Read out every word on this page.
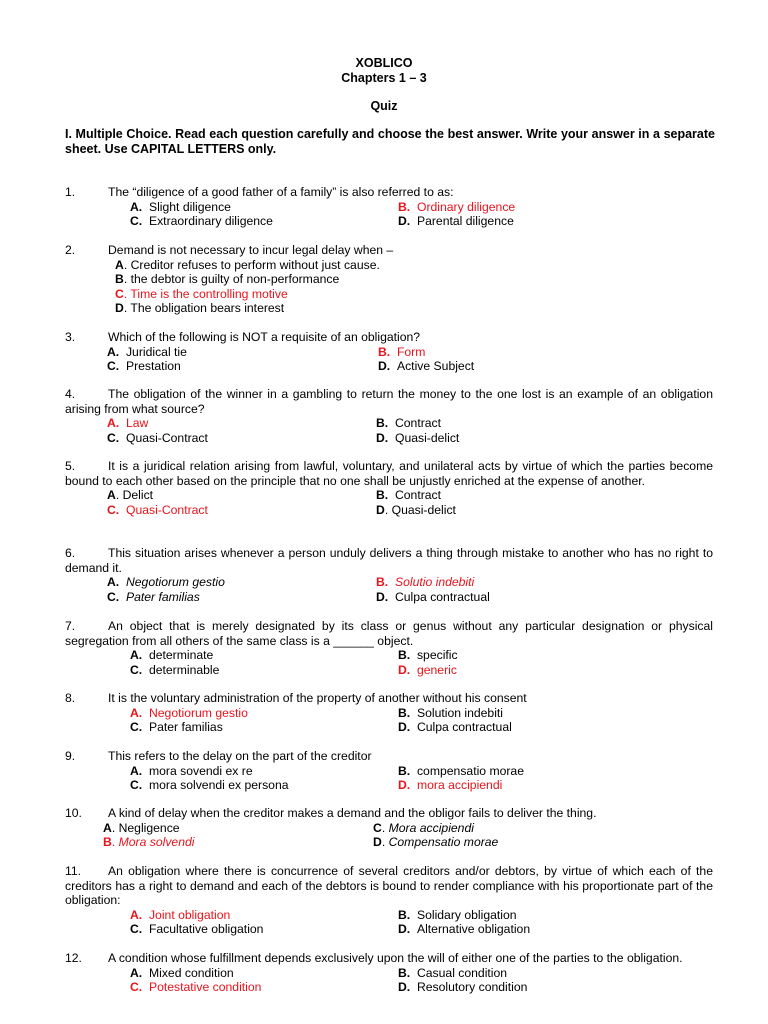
XOBLICO
Chapters 1 – 3
Quiz
I. Multiple Choice. Read each question carefully and choose the best answer. Write your answer in a separate sheet. Use CAPITAL LETTERS only.
1.	The “diligence of a good father of a family” is also referred to as:
A.  Slight diligence	B.  Ordinary diligence
C.  Extraordinary diligence	D.  Parental diligence
2.	Demand is not necessary to incur legal delay when –
A. Creditor refuses to perform without just cause.
B. the debtor is guilty of non-performance
C. Time is the controlling motive
D. The obligation bears interest
3.	Which of the following is NOT a requisite of an obligation?
A.  Juridical tie	B.  Form
C.  Prestation	D.  Active Subject
4.	The obligation of the winner in a gambling to return the money to the one lost is an example of an obligation arising from what source?
A.  Law	B.  Contract
C.  Quasi-Contract	D.  Quasi-delict
5.	It is a juridical relation arising from lawful, voluntary, and unilateral acts by virtue of which the parties become bound to each other based on the principle that no one shall be unjustly enriched at the expense of another.
A. Delict	B.  Contract
C.  Quasi-Contract	D. Quasi-delict
6.	This situation arises whenever a person unduly delivers a thing through mistake to another who has no right to demand it.
A.  Negotiorum gestio	B.  Solutio indebiti
C.  Pater familias	D.  Culpa contractual
7.	An object that is merely designated by its class or genus without any particular designation or physical segregation from all others of the same class is a ______ object.
A.  determinate	B.  specific
C.  determinable	D.  generic
8.	It is the voluntary administration of the property of another without his consent
A.  Negotiorum gestio	B.  Solution indebiti
C.  Pater familias	D.  Culpa contractual
9.	This refers to the delay on the part of the creditor
A.  mora sovendi ex re	B.  compensatio morae
C.  mora solvendi ex persona	D.  mora accipiendi
10. A kind of delay when the creditor makes a demand and the obligor fails to deliver the thing.
A. Negligence	C. Mora accipiendi
B. Mora solvendi	D. Compensatio morae
11. An obligation where there is concurrence of several creditors and/or debtors, by virtue of which each of the creditors has a right to demand and each of the debtors is bound to render compliance with his proportionate part of the obligation:
A.  Joint obligation	B.  Solidary obligation
C.  Facultative obligation	D.  Alternative obligation
12. A condition whose fulfillment depends exclusively upon the will of either one of the parties to the obligation.
A.  Mixed condition	B.  Casual condition
C.  Potestative condition	D.  Resolutory condition
